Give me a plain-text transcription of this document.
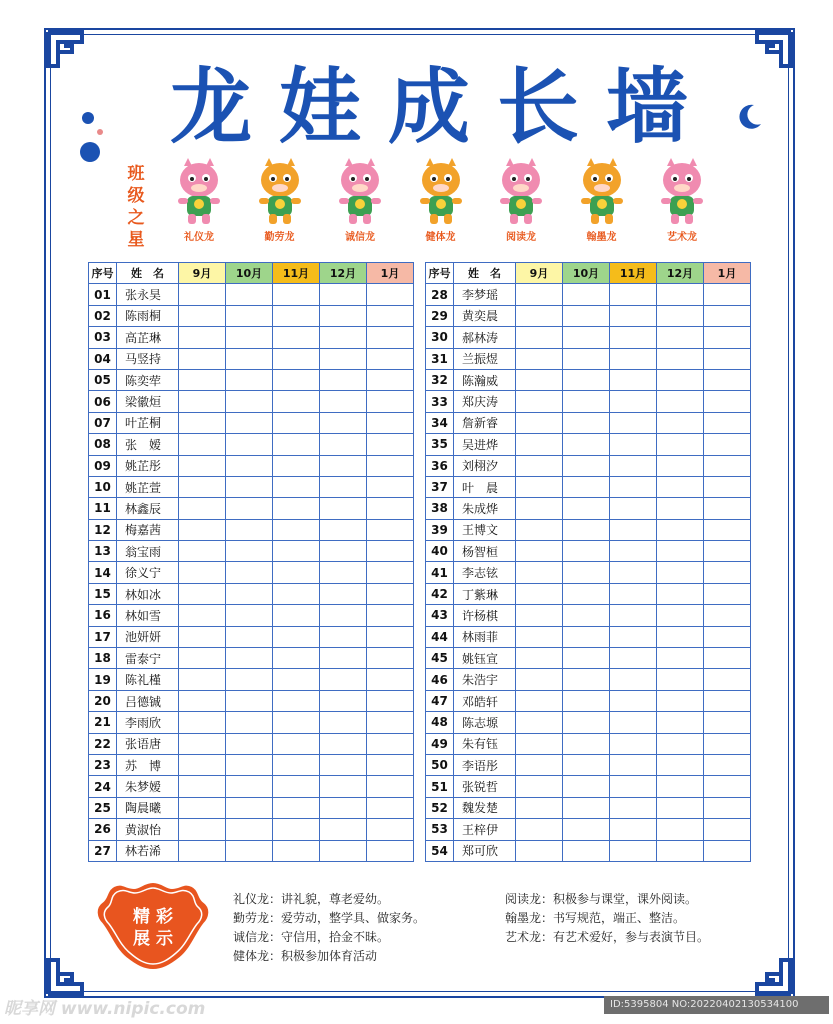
龙 娃 成 长 墙
班
级
之
星	礼仪龙	勤劳龙	诚信龙	健体龙	阅读龙	翰墨龙	艺术龙
序号	姓　名	9月	10月	11月	12月	1月
01	张永昊					
02	陈雨桐					
03	高芷琳					
04	马竖持					
05	陈奕荦					
06	梁徽烜					
07	叶芷桐					
08	张　嫒					
09	姚芷彤					
10	姚芷萱					
11	林鑫辰					
12	梅嘉茜					
13	翁宝雨					
14	徐义宁					
15	林如冰					
16	林如雪					
17	池妍妍					
18	雷泰宁					
19	陈礼槿					
20	吕德铖					
21	李雨欣					
22	张语唐					
23	苏　博					
24	朱梦嫒					
25	陶晨曦					
26	黄淑怡					
27	林若浠					
序号	姓　名	9月	10月	11月	12月	1月
28	李梦瑶					
29	黄奕晨					
30	郝林涛					
31	兰振煜					
32	陈瀚威					
33	郑庆涛					
34	詹新睿					
35	吴进烨					
36	刘栩汐					
37	叶　晨					
38	朱成烨					
39	王博文					
40	杨智桓					
41	李志铉					
42	丁紫琳					
43	许杨棋					
44	林雨菲					
45	姚钰宣					
46	朱浩宇					
47	邓皓轩					
48	陈志塬					
49	朱有钰					
50	李语彤					
51	张锐哲					
52	魏发楚					
53	王梓伊					
54	郑可欣					
精 彩
展 示
礼仪龙：讲礼貌，尊老爱幼。
勤劳龙：爱劳动，整学具、做家务。
诚信龙：守信用，拾金不昧。
健体龙：积极参加体育活动
阅读龙：积极参与课堂，课外阅读。
翰墨龙：书写规范，端正、整洁。
艺术龙：有艺术爱好，参与表演节目。
昵享网 www.nipic.com	ID:5395804 NO:20220402130534100
